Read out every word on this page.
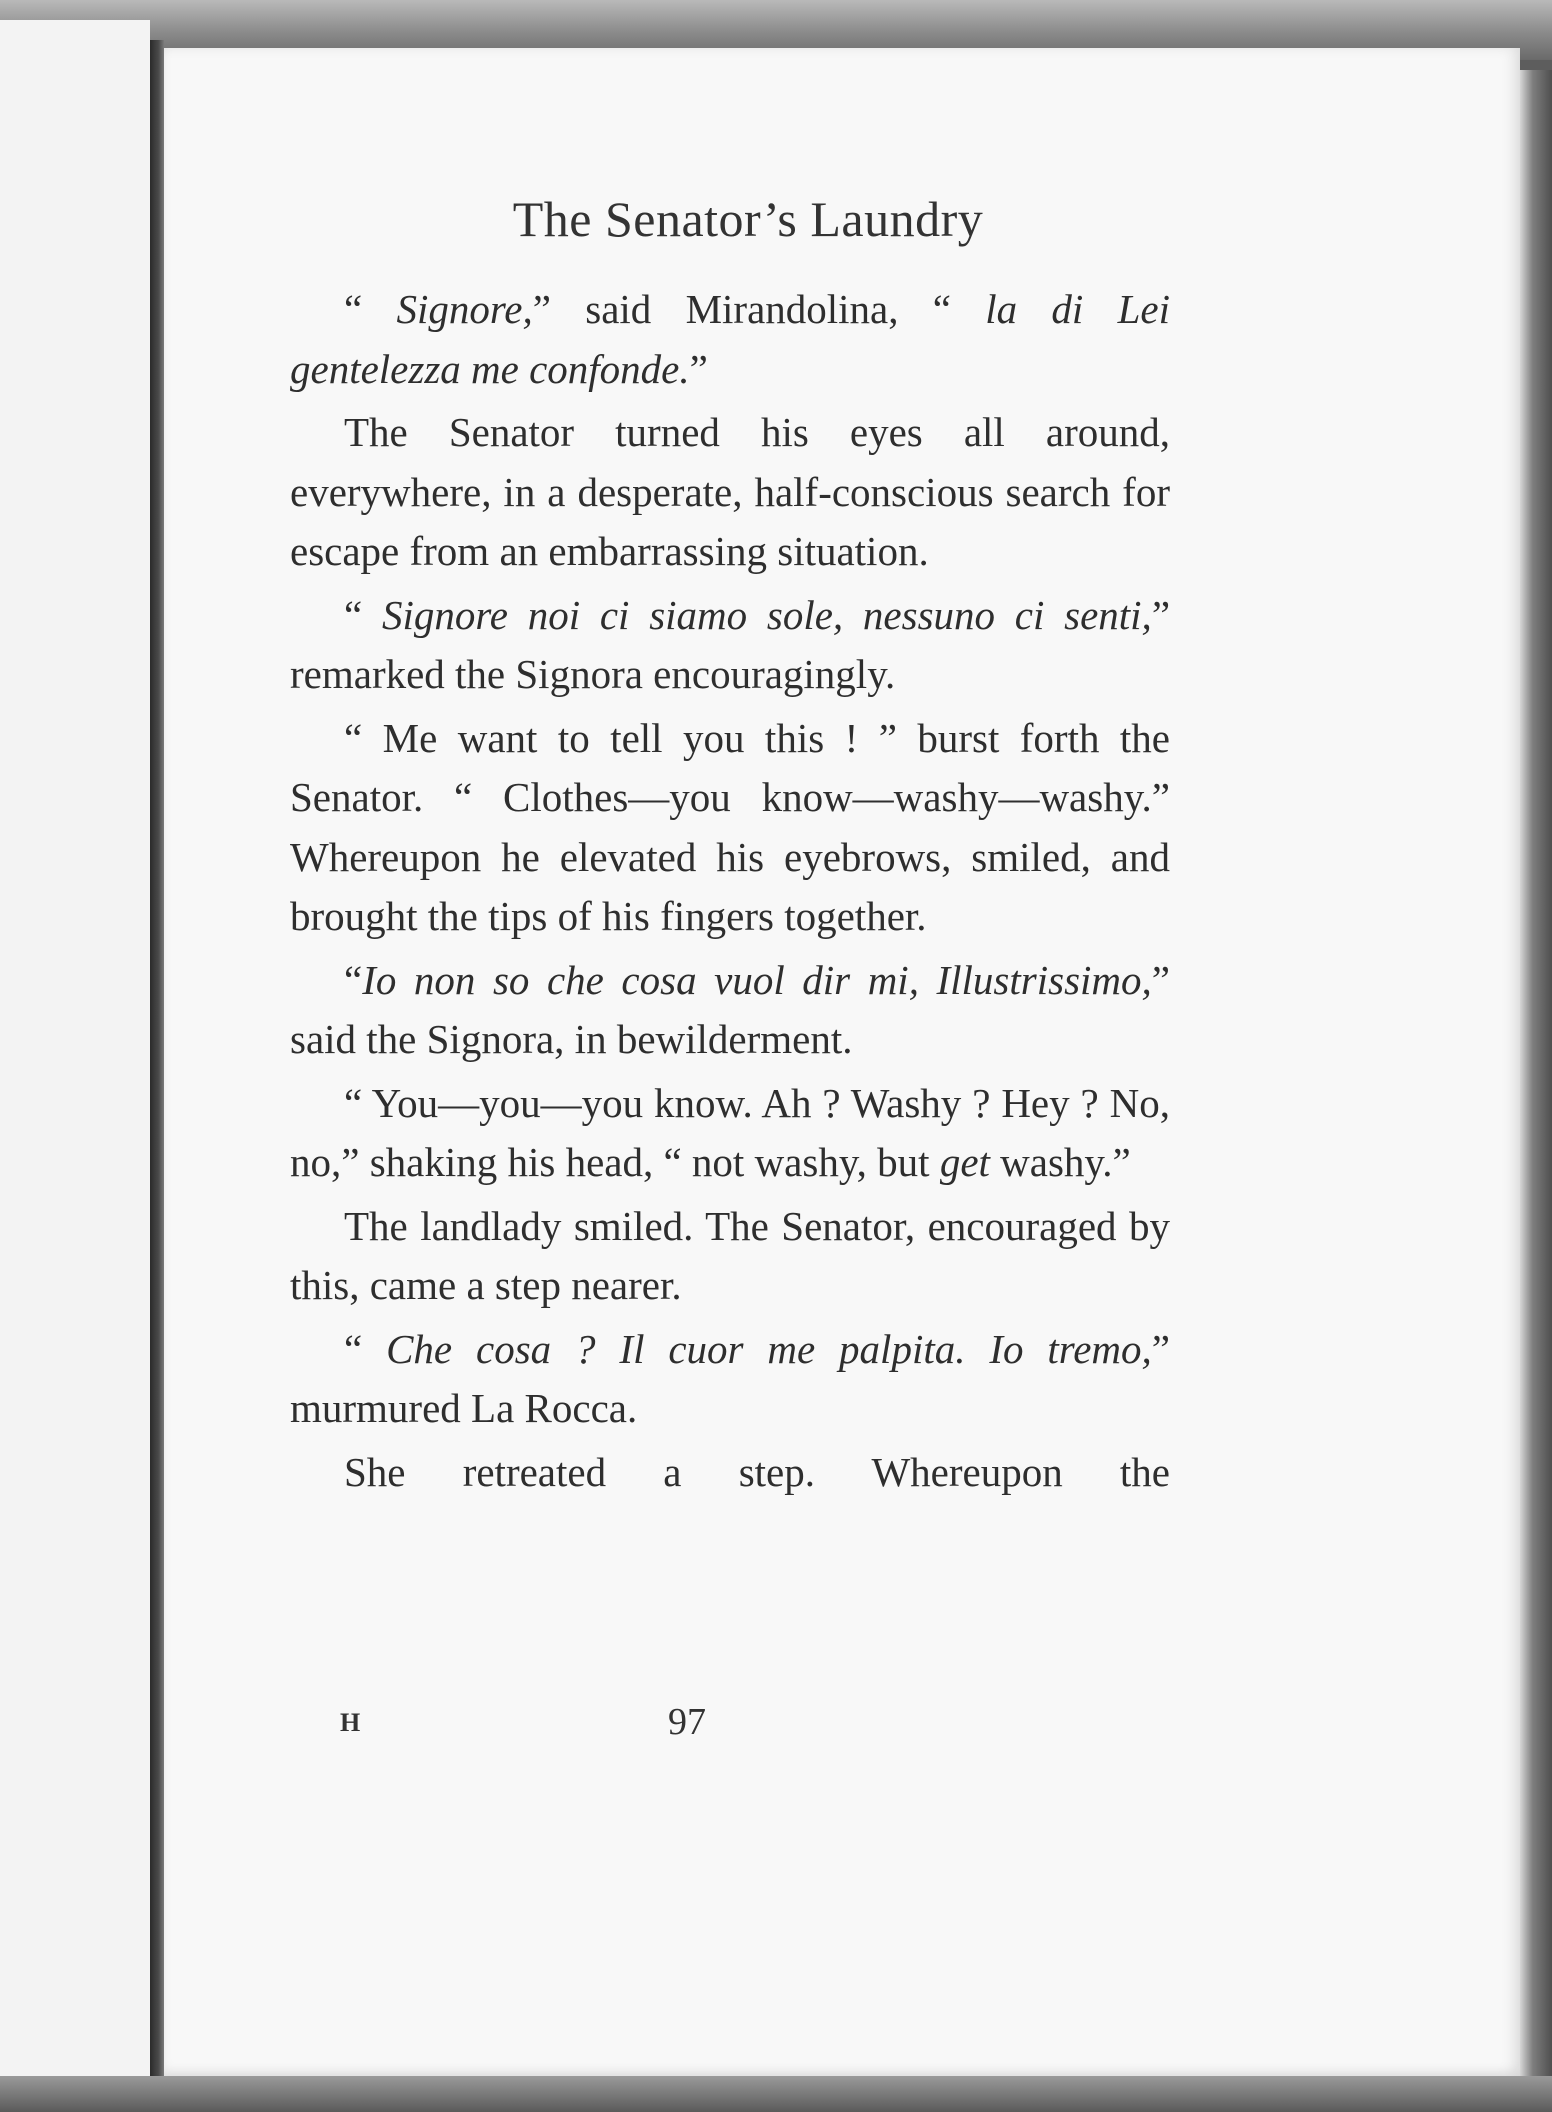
The Senator’s Laundry

“ Signore,” said Mirandolina, “ la di Lei gentelezza me confonde.”

The Senator turned his eyes all around, everywhere, in a desperate, half-conscious search for escape from an embarrassing situation.

“ Signore noi ci siamo sole, nessuno ci senti,” remarked the Signora encouragingly.

“ Me want to tell you this ! ” burst forth the Senator. “ Clothes—you know—washy—washy.” Whereupon he elevated his eyebrows, smiled, and brought the tips of his fingers together.

“Io non so che cosa vuol dir mi, Illustrissimo,” said the Signora, in bewilderment.

“ You—you—you know. Ah ? Washy ? Hey ? No, no,” shaking his head, “ not washy, but get washy.”

The landlady smiled. The Senator, encouraged by this, came a step nearer.

“ Che cosa ? Il cuor me palpita. Io tremo,” murmured La Rocca.

She retreated a step. Whereupon the

H	97
